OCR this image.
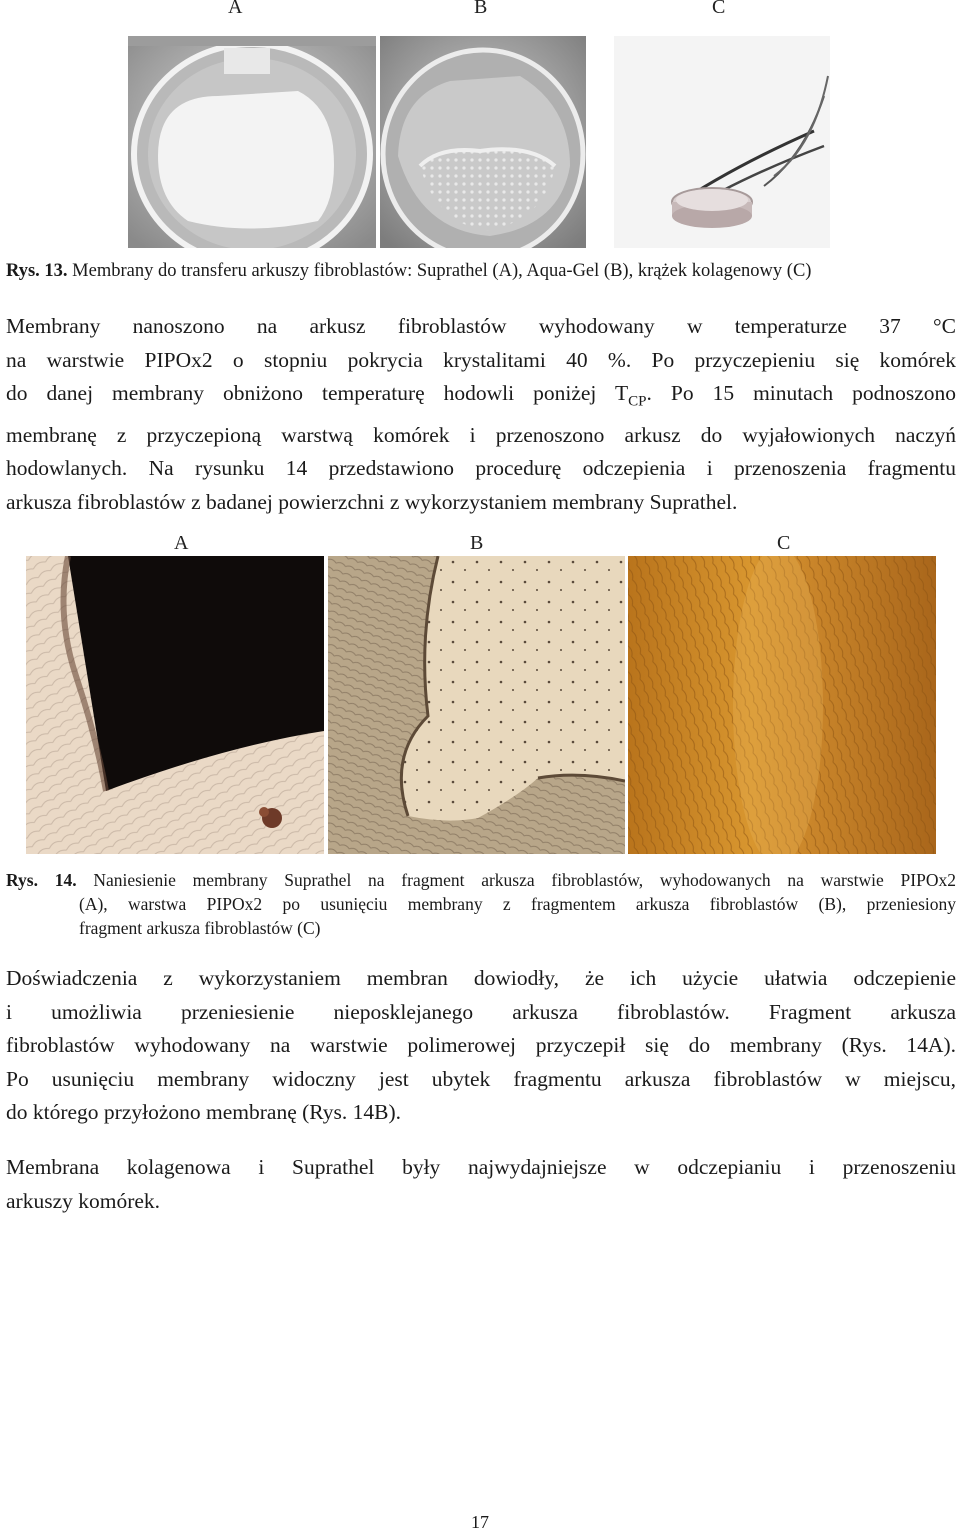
A	B	C
Rys. 13. Membrany do transferu arkuszy fibroblastów: Suprathel (A), Aqua-Gel (B), krążek kolagenowy (C)
Membrany nanoszono na arkusz fibroblastów wyhodowany w temperaturze 37 °C
na warstwie PIPOx2 o stopniu pokrycia krystalitami 40 %. Po przyczepieniu się komórek
do danej membrany obniżono temperaturę hodowli poniżej $T_{CP}$. Po 15 minutach podnoszono
membranę z przyczepioną warstwą komórek i przenoszono arkusz do wyjałowionych naczyń
hodowlanych. Na rysunku 14 przedstawiono procedurę odczepienia i przenoszenia fragmentu
arkusza fibroblastów z badanej powierzchni z wykorzystaniem membrany Suprathel.
A	B	C
Rys. 14. Naniesienie membrany Suprathel na fragment arkusza fibroblastów, wyhodowanych na warstwie PIPOx2
(A), warstwa PIPOx2 po usunięciu membrany z fragmentem arkusza fibroblastów (B), przeniesiony
fragment arkusza fibroblastów (C)
Doświadczenia z wykorzystaniem membran dowiodły, że ich użycie ułatwia odczepienie
i umożliwia przeniesienie nieposklejanego arkusza fibroblastów. Fragment arkusza
fibroblastów wyhodowany na warstwie polimerowej przyczepił się do membrany (Rys. 14A).
Po usunięciu membrany widoczny jest ubytek fragmentu arkusza fibroblastów w miejscu,
do którego przyłożono membranę (Rys. 14B).
Membrana kolagenowa i Suprathel były najwydajniejsze w odczepianiu i przenoszeniu
arkuszy komórek.
17
